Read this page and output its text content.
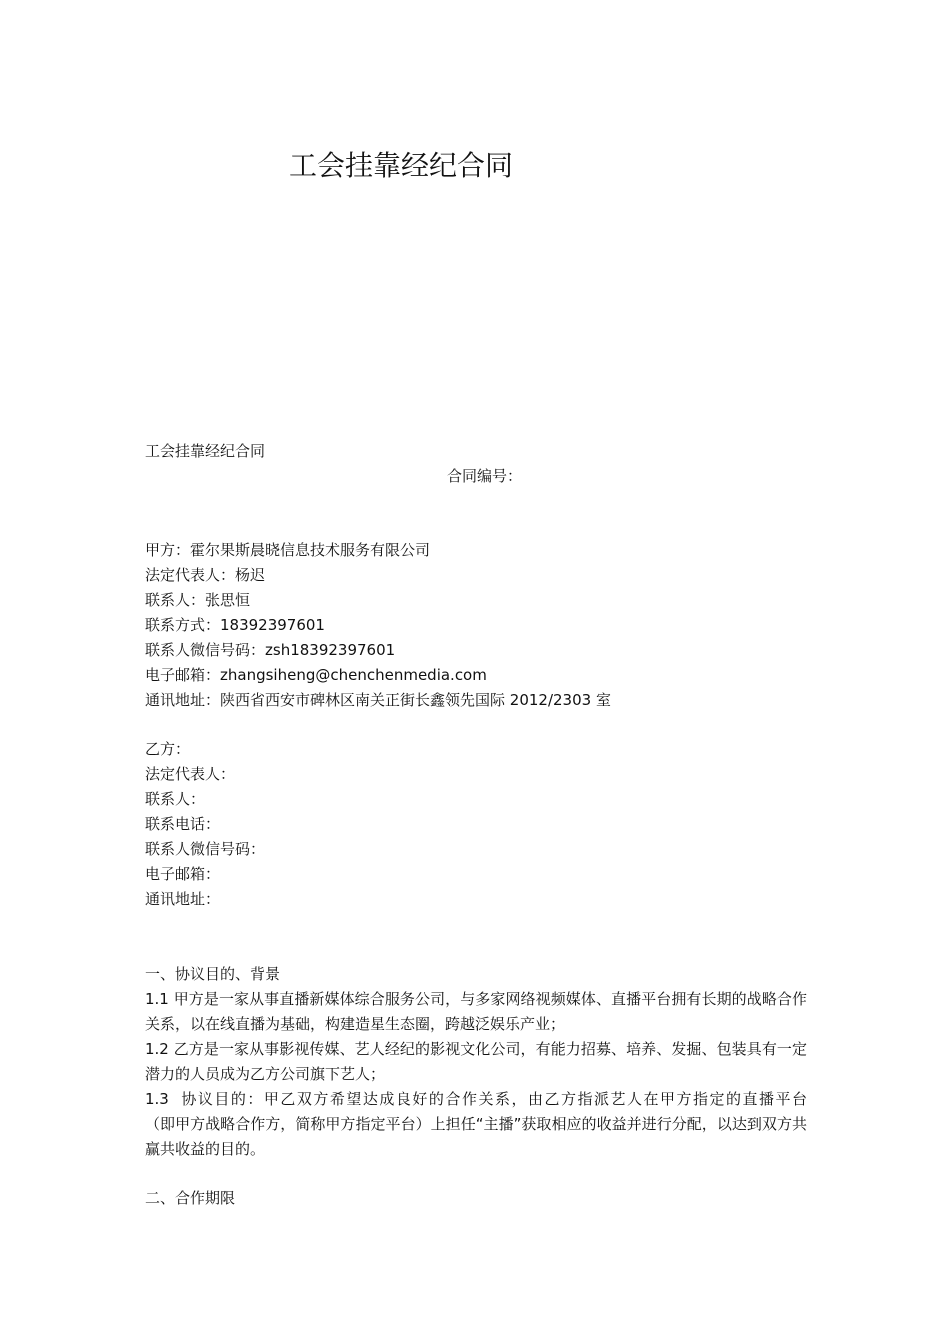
工会挂靠经纪合同
工会挂靠经纪合同
合同编号：
甲方：霍尔果斯晨晓信息技术服务有限公司
法定代表人：杨迟
联系人：张思恒
联系方式：18392397601
联系人微信号码：zsh18392397601
电子邮箱：zhangsiheng@chenchenmedia.com
通讯地址：陕西省西安市碑林区南关正街长鑫领先国际 2012/2303 室
乙方：
法定代表人：
联系人：
联系电话：
联系人微信号码：
电子邮箱：
通讯地址：
一、协议目的、背景
1.1 甲方是一家从事直播新媒体综合服务公司，与多家网络视频媒体、直播平台拥有长期的战略合作关系，以在线直播为基础，构建造星生态圈，跨越泛娱乐产业；
1.2 乙方是一家从事影视传媒、艺人经纪的影视文化公司，有能力招募、培养、发掘、包装具有一定潜力的人员成为乙方公司旗下艺人；
1.3  协议目的：甲乙双方希望达成良好的合作关系，由乙方指派艺人在甲方指定的直播平台            （即甲方战略合作方，简称甲方指定平台）上担任“主播”获取相应的收益并进行分配，以达到双方共赢共收益的目的。
二、合作期限
